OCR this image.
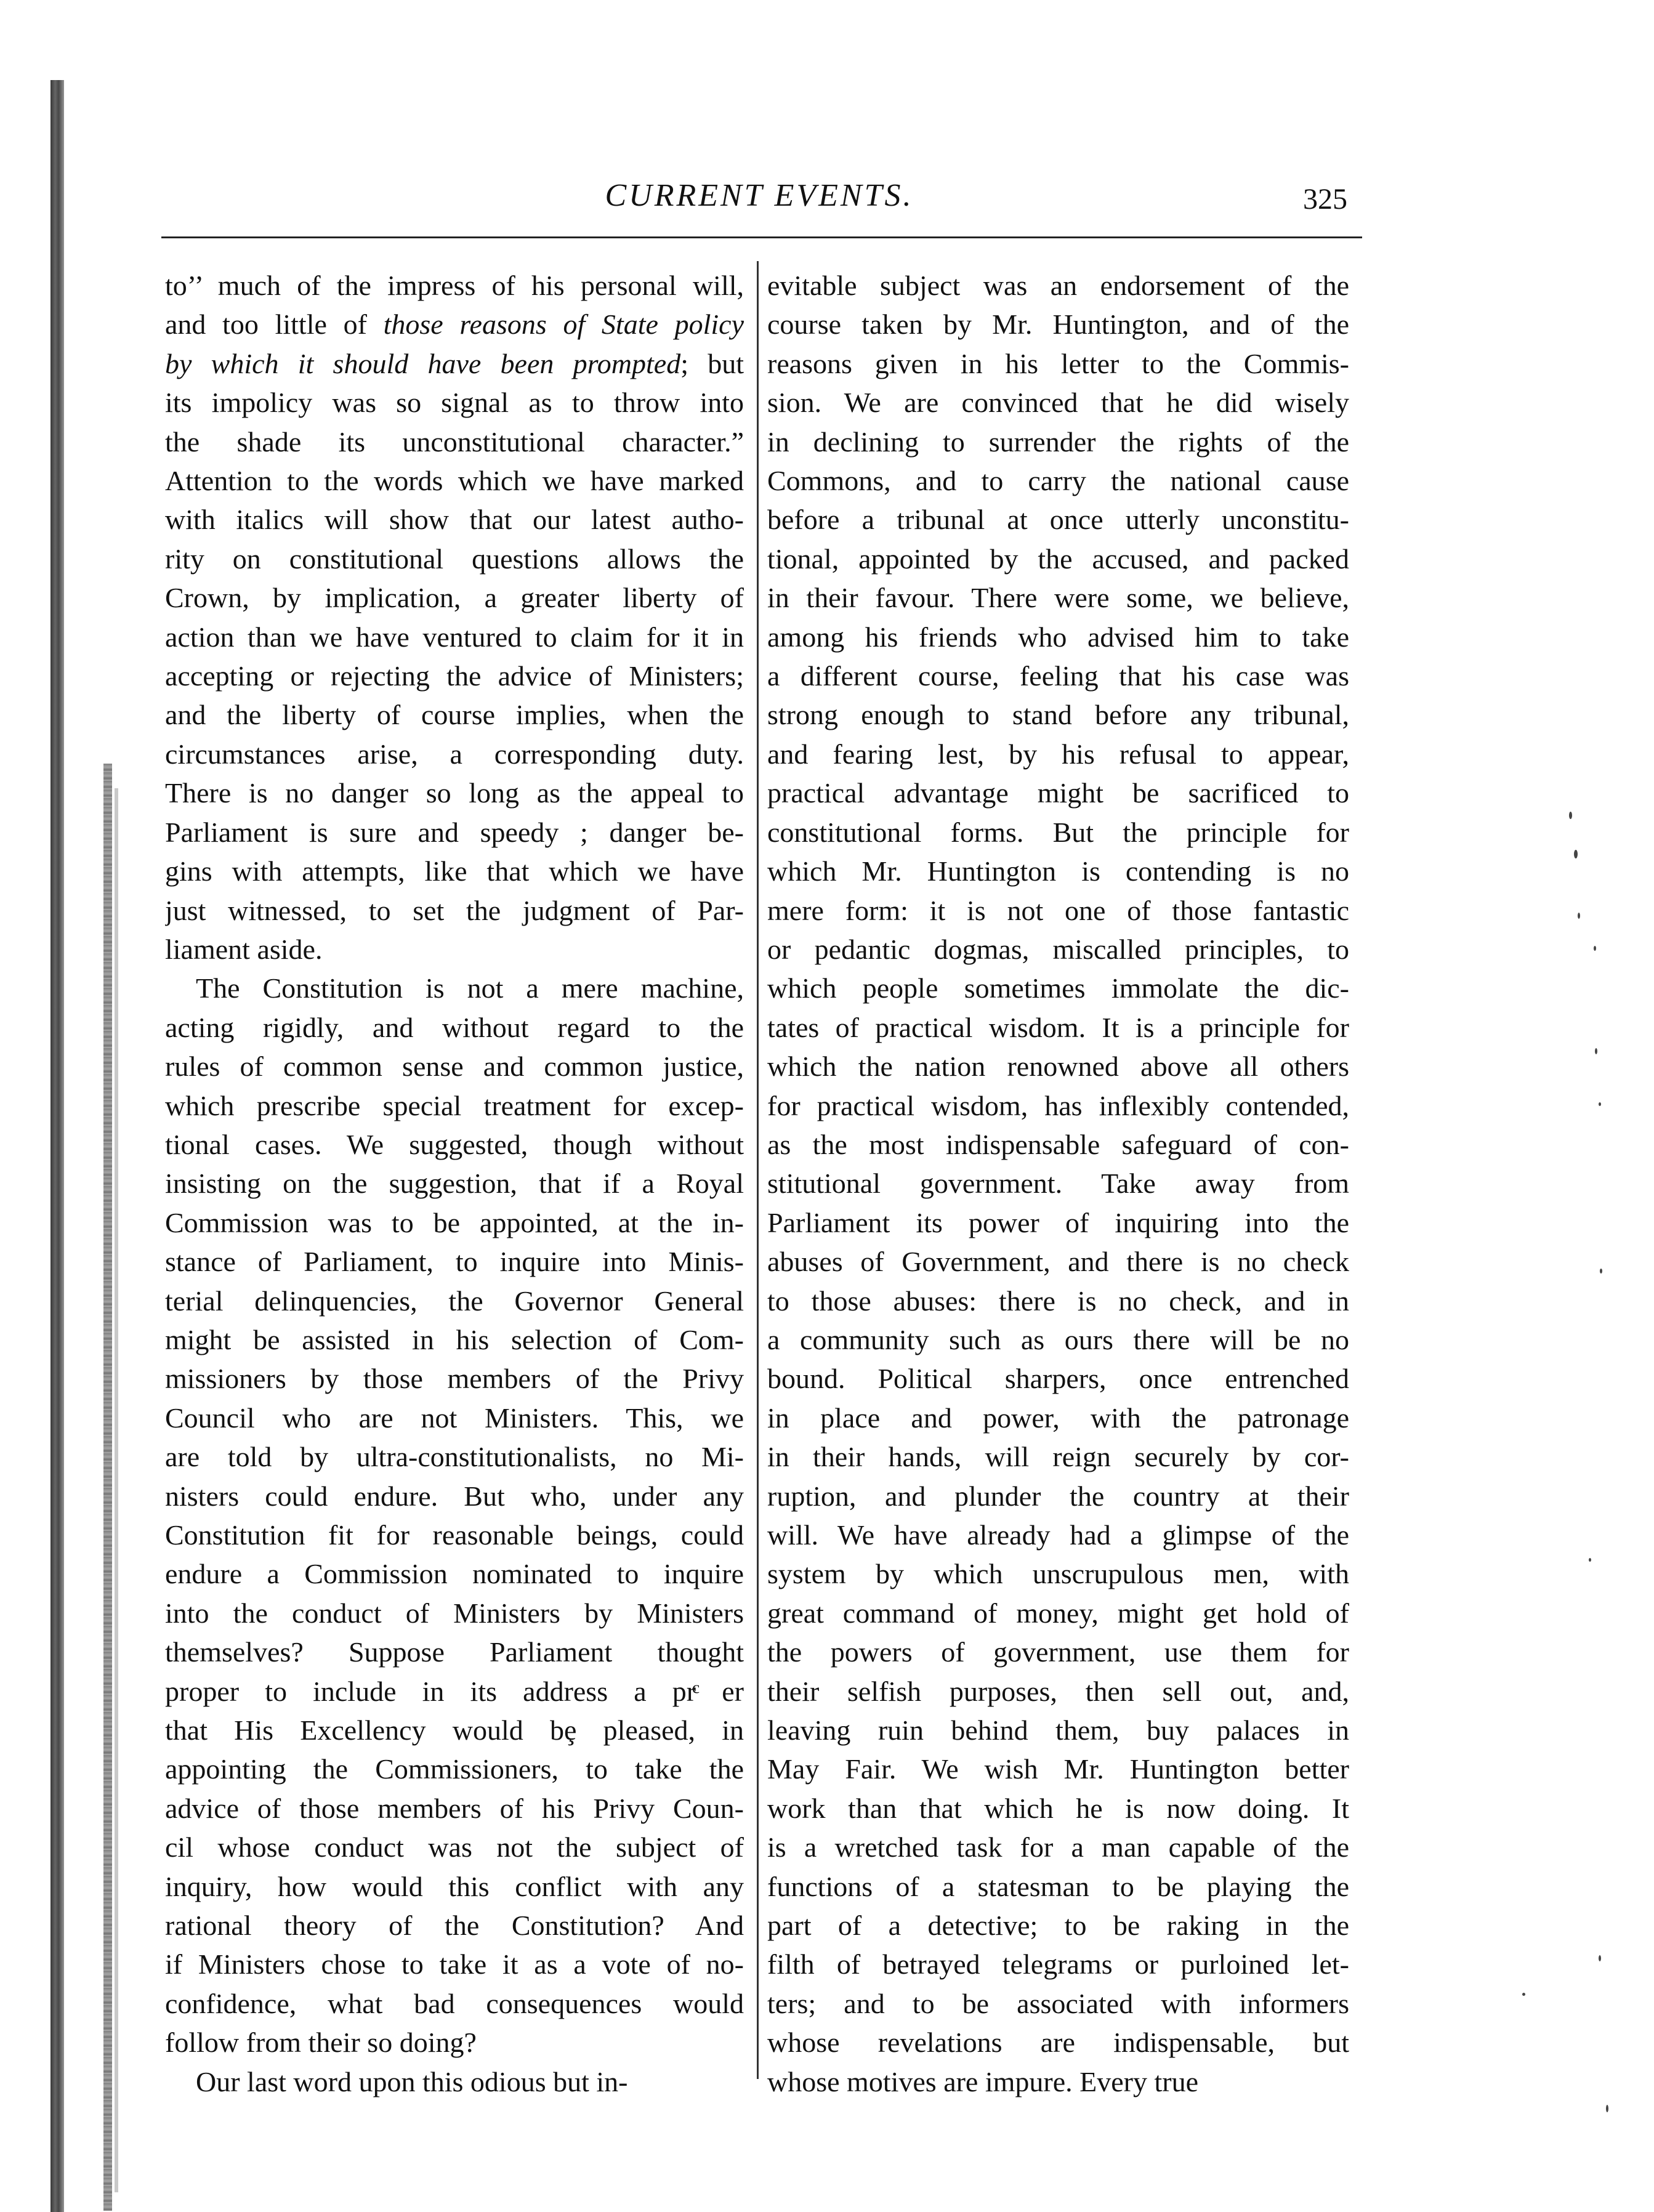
CURRENT EVENTS.	325
to’’ much of the impress of his personal will,
and too little of those reasons of State policy
by which it should have been prompted; but
its impolicy was so signal as to throw into
the shade its unconstitutional character.”
Attention to the words which we have marked
with italics will show that our latest autho-
rity on constitutional questions allows the
Crown, by implication, a greater liberty of
action than we have ventured to claim for it in
accepting or rejecting the advice of Ministers;
and the liberty of course implies, when the
circumstances arise, a corresponding duty.
There is no danger so long as the appeal to
Parliament is sure and speedy ; danger be-
gins with attempts, like that which we have
just witnessed, to set the judgment of Par-
liament aside.
The Constitution is not a mere machine,
acting rigidly, and without regard to the
rules of common sense and common justice,
which prescribe special treatment for excep-
tional cases. We suggested, though without
insisting on the suggestion, that if a Royal
Commission was to be appointed, at the in-
stance of Parliament, to inquire into Minis-
terial delinquencies, the Governor General
might be assisted in his selection of Com-
missioners by those members of the Privy
Council who are not Ministers. This, we
are told by ultra-constitutionalists, no Mi-
nisters could endure. But who, under any
Constitution fit for reasonable beings, could
endure a Commission nominated to inquire
into the conduct of Ministers by Ministers
themselves? Suppose Parliament thought
proper to include in its address a prͨ er
that His Excellency would bȩ pleased, in
appointing the Commissioners, to take the
advice of those members of his Privy Coun-
cil whose conduct was not the subject of
inquiry, how would this conflict with any
rational theory of the Constitution? And
if Ministers chose to take it as a vote of no-
confidence, what bad consequences would
follow from their so doing?
Our last word upon this odious but in-
evitable subject was an endorsement of the
course taken by Mr. Huntington, and of the
reasons given in his letter to the Commis-
sion. We are convinced that he did wisely
in declining to surrender the rights of the
Commons, and to carry the national cause
before a tribunal at once utterly unconstitu-
tional, appointed by the accused, and packed
in their favour. There were some, we believe,
among his friends who advised him to take
a different course, feeling that his case was
strong enough to stand before any tribunal,
and fearing lest, by his refusal to appear,
practical advantage might be sacrificed to
constitutional forms. But the principle for
which Mr. Huntington is contending is no
mere form: it is not one of those fantastic
or pedantic dogmas, miscalled principles, to
which people sometimes immolate the dic-
tates of practical wisdom. It is a principle for
which the nation renowned above all others
for practical wisdom, has inflexibly contended,
as the most indispensable safeguard of con-
stitutional government. Take away from
Parliament its power of inquiring into the
abuses of Government, and there is no check
to those abuses: there is no check, and in
a community such as ours there will be no
bound. Political sharpers, once entrenched
in place and power, with the patronage
in their hands, will reign securely by cor-
ruption, and plunder the country at their
will. We have already had a glimpse of the
system by which unscrupulous men, with
great command of money, might get hold of
the powers of government, use them for
their selfish purposes, then sell out, and,
leaving ruin behind them, buy palaces in
May Fair. We wish Mr. Huntington better
work than that which he is now doing. It
is a wretched task for a man capable of the
functions of a statesman to be playing the
part of a detective; to be raking in the
filth of betrayed telegrams or purloined let-
ters; and to be associated with informers
whose revelations are indispensable, but
whose motives are impure. Every true
